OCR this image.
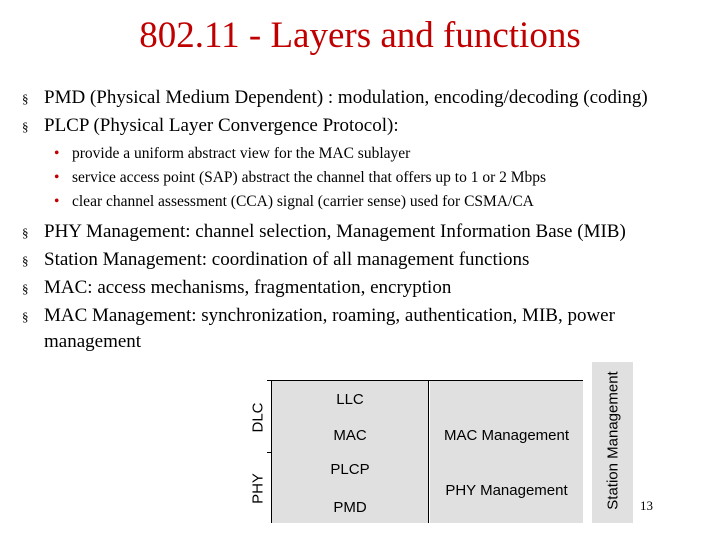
802.11 - Layers and functions
§ PMD (Physical Medium Dependent) : modulation, encoding/decoding (coding)
§ PLCP (Physical Layer Convergence Protocol):
• provide a uniform abstract view for the MAC sublayer
• service access point (SAP) abstract the channel that offers up to 1 or 2 Mbps
• clear channel assessment (CCA) signal (carrier sense) used for CSMA/CA
§ PHY Management: channel selection, Management Information Base (MIB)
§ Station Management: coordination of all management functions
§ MAC: access mechanisms, fragmentation, encryption
§ MAC Management: synchronization, roaming, authentication, MIB, power
management
DLC
PHY
LLC
MAC
PLCP
PMD
MAC Management
PHY Management	Station Management 13
